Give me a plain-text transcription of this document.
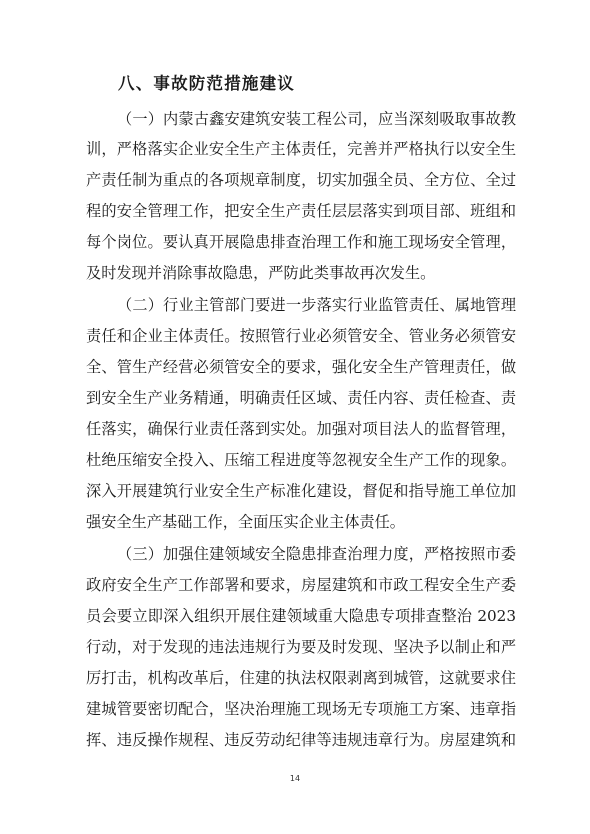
八、事故防范措施建议
（一）内蒙古鑫安建筑安装工程公司，应当深刻吸取事故教
训，严格落实企业安全生产主体责任，完善并严格执行以安全生
产责任制为重点的各项规章制度，切实加强全员、全方位、全过
程的安全管理工作，把安全生产责任层层落实到项目部、班组和
每个岗位。要认真开展隐患排查治理工作和施工现场安全管理，
及时发现并消除事故隐患，严防此类事故再次发生。
（二）行业主管部门要进一步落实行业监管责任、属地管理
责任和企业主体责任。按照管行业必须管安全、管业务必须管安
全、管生产经营必须管安全的要求，强化安全生产管理责任，做
到安全生产业务精通，明确责任区域、责任内容、责任检查、责
任落实，确保行业责任落到实处。加强对项目法人的监督管理，
杜绝压缩安全投入、压缩工程进度等忽视安全生产工作的现象。
深入开展建筑行业安全生产标准化建设，督促和指导施工单位加
强安全生产基础工作，全面压实企业主体责任。
（三）加强住建领域安全隐患排查治理力度，严格按照市委
政府安全生产工作部署和要求，房屋建筑和市政工程安全生产委
员会要立即深入组织开展住建领域重大隐患专项排查整治 2023
行动，对于发现的违法违规行为要及时发现、坚决予以制止和严
厉打击，机构改革后，住建的执法权限剥离到城管，这就要求住
建城管要密切配合，坚决治理施工现场无专项施工方案、违章指
挥、违反操作规程、违反劳动纪律等违规违章行为。房屋建筑和
14
